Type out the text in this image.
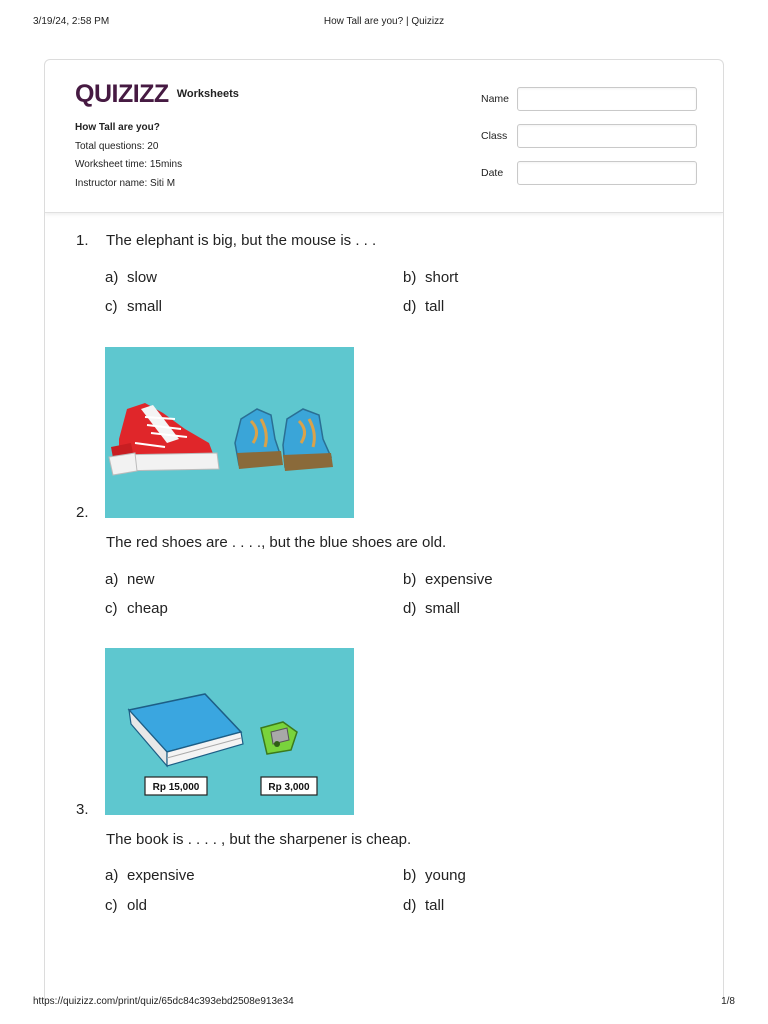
3/19/24, 2:58 PM	How Tall are you? | Quizizz
QUIZIZZ Worksheets
How Tall are you?
Total questions: 20
Worksheet time: 15mins
Instructor name: Siti M
Name
Class
Date
1. The elephant is big, but the mouse is . . .
a) slow	b) short
c) small	d) tall
2.
The red shoes are . . . ., but the blue shoes are old.
a) new	b) expensive
c) cheap	d) small
Rp 15,000	Rp 3,000
3.
The book is . . . . , but the sharpener is cheap.
a) expensive	b) young
c) old	d) tall
https://quizizz.com/print/quiz/65dc84c393ebd2508e913e34	1/8
